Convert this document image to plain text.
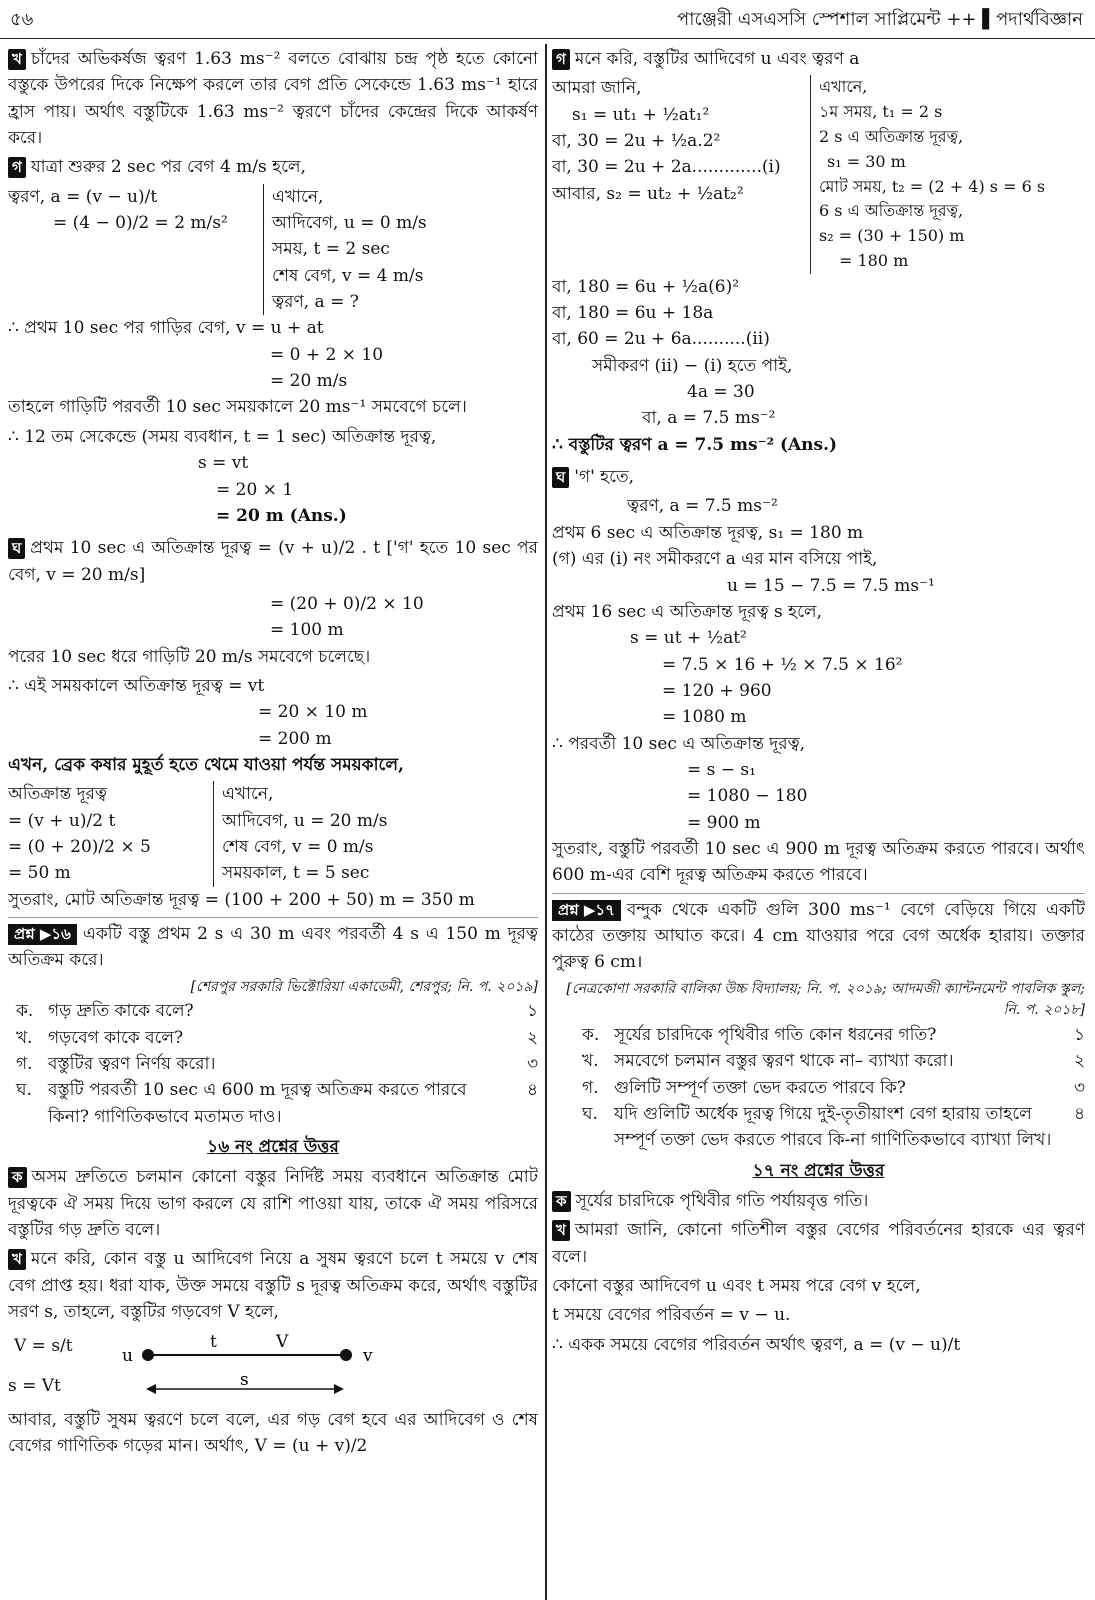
৫৬	পাঞ্জেরী এসএসসি স্পেশাল সাপ্লিমেন্ট ++ ▌পদার্থবিজ্ঞান

খ চাঁদের অভিকর্ষজ ত্বরণ 1.63 ms⁻² বলতে বোঝায় চন্দ্র পৃষ্ঠ হতে কোনো বস্তুকে উপরের দিকে নিক্ষেপ করলে তার বেগ প্রতি সেকেন্ডে 1.63 ms⁻¹ হারে হ্রাস পায়। অর্থাৎ বস্তুটিকে 1.63 ms⁻² ত্বরণে চাঁদের কেন্দ্রের দিকে আকর্ষণ করে।

গ যাত্রা শুরুর 2 sec পর বেগ 4 m/s হলে,

ত্বরণ, a = (v − u)/t

= (4 − 0)/2 = 2 m/s²

এখানে,

আদিবেগ, u = 0 m/s

সময়, t = 2 sec

শেষ বেগ, v = 4 m/s

ত্বরণ, a = ?

∴ প্রথম 10 sec পর গাড়ির বেগ, v = u + at

= 0 + 2 × 10

= 20 m/s

তাহলে গাড়িটি পরবর্তী 10 sec সময়কালে 20 ms⁻¹ সমবেগে চলে।

∴ 12 তম সেকেন্ডে (সময় ব্যবধান, t = 1 sec) অতিক্রান্ত দূরত্ব,

s = vt

= 20 × 1

= 20 m (Ans.)

ঘ প্রথম 10 sec এ অতিক্রান্ত দূরত্ব = (v + u)/2 . t ['গ' হতে 10 sec পর বেগ, v = 20 m/s]

= (20 + 0)/2 × 10

= 100 m

পরের 10 sec ধরে গাড়িটি 20 m/s সমবেগে চলেছে।

∴ এই সময়কালে অতিক্রান্ত দূরত্ব = vt

= 20 × 10 m

= 200 m

এখন, ব্রেক কষার মুহূর্ত হতে থেমে যাওয়া পর্যন্ত সময়কালে,

অতিক্রান্ত দূরত্ব

= (v + u)/2 t

= (0 + 20)/2 × 5

= 50 m

এখানে,

আদিবেগ, u = 20 m/s

শেষ বেগ, v = 0 m/s

সময়কাল, t = 5 sec

সুতরাং, মোট অতিক্রান্ত দূরত্ব = (100 + 200 + 50) m = 350 m

প্রশ্ন ▶১৬ একটি বস্তু প্রথম 2 s এ 30 m এবং পরবর্তী 4 s এ 150 m দূরত্ব অতিক্রম করে।

[শেরপুর সরকারি ভিক্টোরিয়া একাডেমী, শেরপুর; নি. প. ২০১৯]

ক. গড় দ্রুতি কাকে বলে?	১
খ. গড়বেগ কাকে বলে?	২
গ. বস্তুটির ত্বরণ নির্ণয় করো।	৩
ঘ. বস্তুটি পরবর্তী 10 sec এ 600 m দূরত্ব অতিক্রম করতে পারবে কিনা? গাণিতিকভাবে মতামত দাও।
৪

১৬ নং প্রশ্নের উত্তর

ক অসম দ্রুতিতে চলমান কোনো বস্তুর নির্দিষ্ট সময় ব্যবধানে অতিক্রান্ত মোট দূরত্বকে ঐ সময় দিয়ে ভাগ করলে যে রাশি পাওয়া যায়, তাকে ঐ সময় পরিসরে বস্তুটির গড় দ্রুতি বলে।

খ মনে করি, কোন বস্তু u আদিবেগ নিয়ে a সুষম ত্বরণে চলে t সময়ে v শেষ বেগ প্রাপ্ত হয়। ধরা যাক, উক্ত সময়ে বস্তুটি s দূরত্ব অতিক্রম করে, অর্থাৎ বস্তুটির সরণ s, তাহলে, বস্তুটির গড়বেগ V হলে,

V = s/t
s = Vt
u	v
t	V
s

আবার, বস্তুটি সুষম ত্বরণে চলে বলে, এর গড় বেগ হবে এর আদিবেগ ও শেষ বেগের গাণিতিক গড়ের মান। অর্থাৎ, V = (u + v)/2

গ মনে করি, বস্তুটির আদিবেগ u এবং ত্বরণ a

আমরা জানি,

s₁ = ut₁ + ½at₁²

বা, 30 = 2u + ½a.2²

বা, 30 = 2u + 2a.............(i)

আবার, s₂ = ut₂ + ½at₂²

এখানে,

১ম সময়, t₁ = 2 s

2 s এ অতিক্রান্ত দূরত্ব,

s₁ = 30 m

মোট সময়, t₂ = (2 + 4) s = 6 s

6 s এ অতিক্রান্ত দূরত্ব,

s₂ = (30 + 150) m

= 180 m

বা, 180 = 6u + ½a(6)²

বা, 180 = 6u + 18a

বা, 60 = 2u + 6a..........(ii)

সমীকরণ (ii) − (i) হতে পাই,

4a = 30

বা, a = 7.5 ms⁻²

∴ বস্তুটির ত্বরণ a = 7.5 ms⁻² (Ans.)

ঘ 'গ' হতে,

ত্বরণ, a = 7.5 ms⁻²

প্রথম 6 sec এ অতিক্রান্ত দূরত্ব, s₁ = 180 m

(গ) এর (i) নং সমীকরণে a এর মান বসিয়ে পাই,

u = 15 − 7.5 = 7.5 ms⁻¹

প্রথম 16 sec এ অতিক্রান্ত দূরত্ব s হলে,

s = ut + ½at²

= 7.5 × 16 + ½ × 7.5 × 16²

= 120 + 960

= 1080 m

∴ পরবর্তী 10 sec এ অতিক্রান্ত দূরত্ব,

= s − s₁

= 1080 − 180

= 900 m

সুতরাং, বস্তুটি পরবর্তী 10 sec এ 900 m দূরত্ব অতিক্রম করতে পারবে। অর্থাৎ 600 m-এর বেশি দূরত্ব অতিক্রম করতে পারবে।

প্রশ্ন ▶১৭ বন্দুক থেকে একটি গুলি 300 ms⁻¹ বেগে বেড়িয়ে গিয়ে একটি কাঠের তক্তায় আঘাত করে। 4 cm যাওয়ার পরে বেগ অর্ধেক হারায়। তক্তার পুরুত্ব 6 cm।

[নেত্রকোণা সরকারি বালিকা উচ্চ বিদ্যালয়; নি. প. ২০১৯; আদমজী ক্যান্টনমেন্ট পাবলিক স্কুল; নি. প. ২০১৮]

ক. সূর্যের চারদিকে পৃথিবীর গতি কোন ধরনের গতি?	১
খ. সমবেগে চলমান বস্তুর ত্বরণ থাকে না– ব্যাখ্যা করো।	২
গ. গুলিটি সম্পূর্ণ তক্তা ভেদ করতে পারবে কি?	৩
ঘ. যদি গুলিটি অর্ধেক দূরত্ব গিয়ে দুই-তৃতীয়াংশ বেগ হারায় তাহলে সম্পূর্ণ তক্তা ভেদ করতে পারবে কি-না গাণিতিকভাবে ব্যাখ্যা লিখ।
৪

১৭ নং প্রশ্নের উত্তর

ক সূর্যের চারদিকে পৃথিবীর গতি পর্যায়বৃত্ত গতি।

খ আমরা জানি, কোনো গতিশীল বস্তুর বেগের পরিবর্তনের হারকে এর ত্বরণ বলে।

কোনো বস্তুর আদিবেগ u এবং t সময় পরে বেগ v হলে,

t সময়ে বেগের পরিবর্তন = v − u.

∴ একক সময়ে বেগের পরিবর্তন অর্থাৎ ত্বরণ, a = (v − u)/t
